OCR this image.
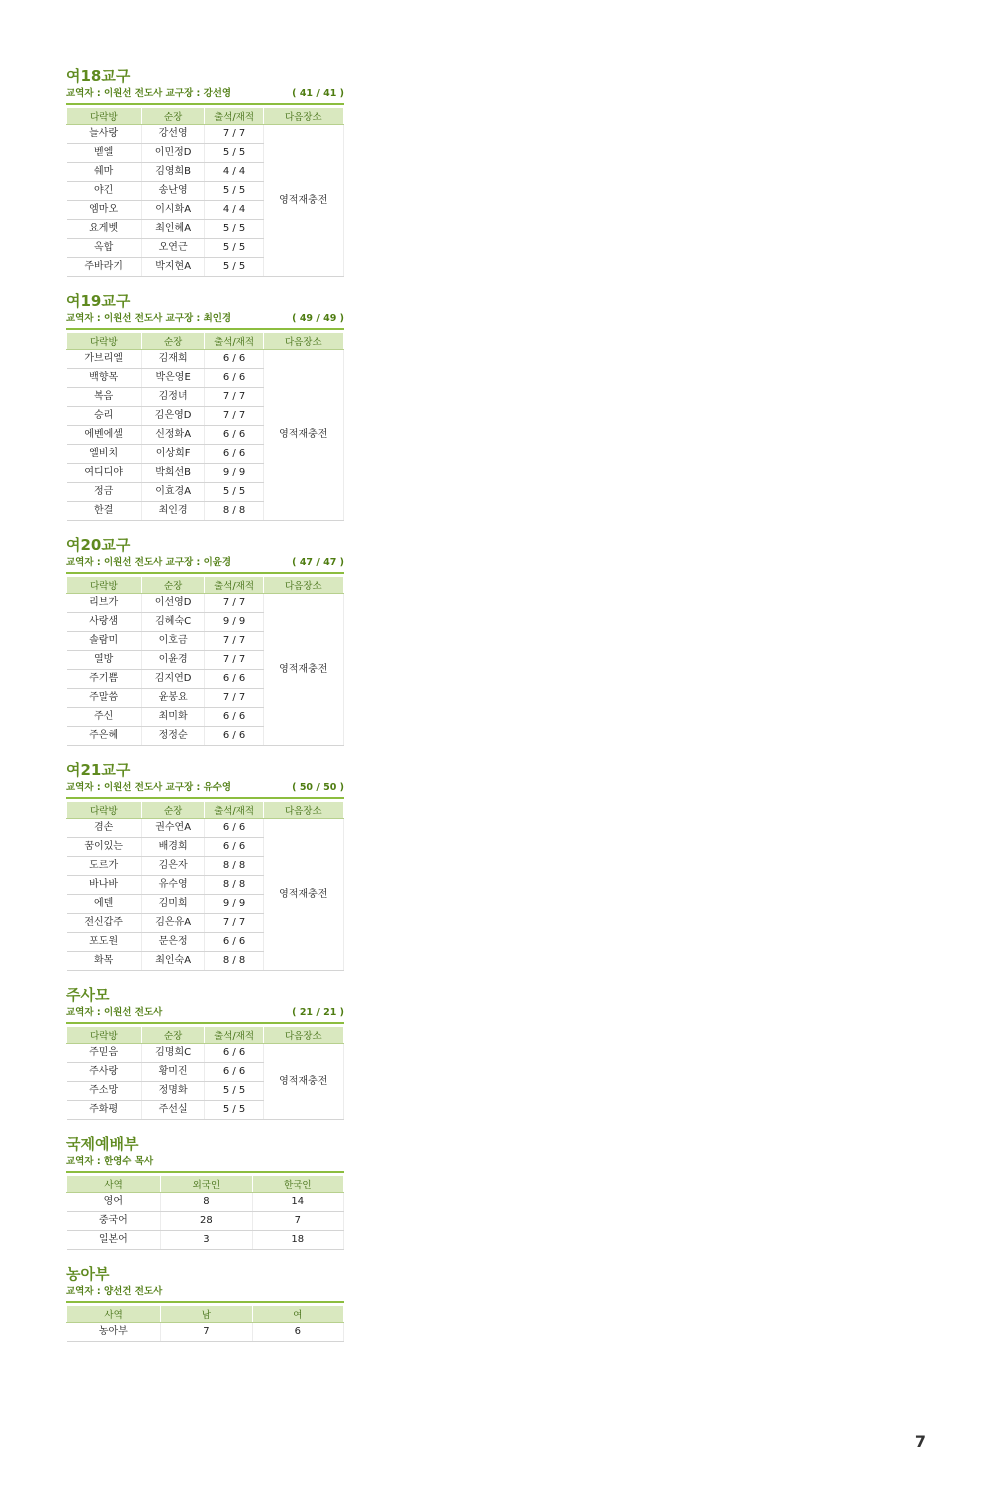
여18교구
교역자 : 이원선 전도사 교구장 : 강선영	( 41 / 41 )
다락방	순장	출석/재적	다음장소
늘사랑	강선영	7 / 7	영적재충전
벧엘	이민정D	5 / 5	
쉐마	김영희B	4 / 4	
야긴	송난영	5 / 5	
엠마오	이시화A	4 / 4	
요게벳	최인혜A	5 / 5	
옥합	오연근	5 / 5	
주바라기	박지현A	5 / 5	
여19교구
교역자 : 이원선 전도사 교구장 : 최인경	( 49 / 49 )
다락방	순장	출석/재적	다음장소
가브리엘	김재희	6 / 6	영적재충전
백향목	박은영E	6 / 6	
복음	김정녀	7 / 7	
승리	김은영D	7 / 7	
에벤에셀	신정화A	6 / 6	
엘비치	이상희F	6 / 6	
여디디야	박희선B	9 / 9	
정금	이효경A	5 / 5	
한결	최인경	8 / 8	
여20교구
교역자 : 이원선 전도사 교구장 : 이윤경	( 47 / 47 )
다락방	순장	출석/재적	다음장소
리브가	이선영D	7 / 7	영적재충전
사랑샘	김혜숙C	9 / 9	
솔람미	이호금	7 / 7	
열방	이윤경	7 / 7	
주기쁨	김지연D	6 / 6	
주말씀	윤봉요	7 / 7	
주신	최미화	6 / 6	
주은혜	정정순	6 / 6	
여21교구
교역자 : 이원선 전도사 교구장 : 유수영	( 50 / 50 )
다락방	순장	출석/재적	다음장소
겸손	권수연A	6 / 6	영적재충전
꿈이있는	배경희	6 / 6	
도르가	김은자	8 / 8	
바나바	유수영	8 / 8	
에덴	김미희	9 / 9	
전신갑주	김은유A	7 / 7	
포도원	문은정	6 / 6	
화목	최인숙A	8 / 8	
주사모
교역자 : 이원선 전도사	( 21 / 21 )
다락방	순장	출석/재적	다음장소
주믿음	김명희C	6 / 6	영적재충전
주사랑	황미진	6 / 6	
주소망	정명화	5 / 5	
주화평	주선실	5 / 5	
국제예배부
교역자 : 한영수 목사
사역	외국인	한국인
영어	8	14
중국어	28	7
일본어	3	18
농아부
교역자 : 양선건 전도사
사역	남	여
농아부	7	6
7
